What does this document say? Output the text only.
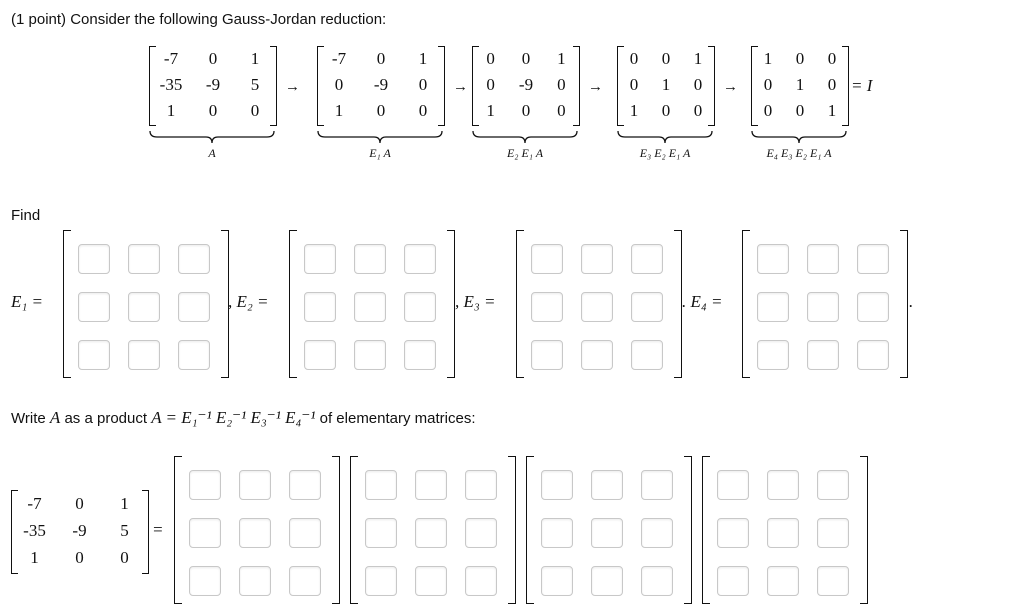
(1 point) Consider the following Gauss-Jordan reduction:
-7	0	1
-35	-9	5
1	0	0
A
→
-7	0	1
0	-9	0
1	0	0
E₁ A
→
0	0	1
0	-9	0
1	0	0
E₂ E₁ A
→
0	0	1
0	1	0
1	0	0
E₃ E₂ E₁ A
→
1	0	0
0	1	0
0	0	1
E₄ E₃ E₂ E₁ A
= I
Find
E₁ =	, E₂ =	, E₃ =	. E₄ =	.
Write A as a product A = E₁⁻¹ E₂⁻¹ E₃⁻¹ E₄⁻¹ of elementary matrices:
-7	0	1
-35	-9	5
1	0	0
=
